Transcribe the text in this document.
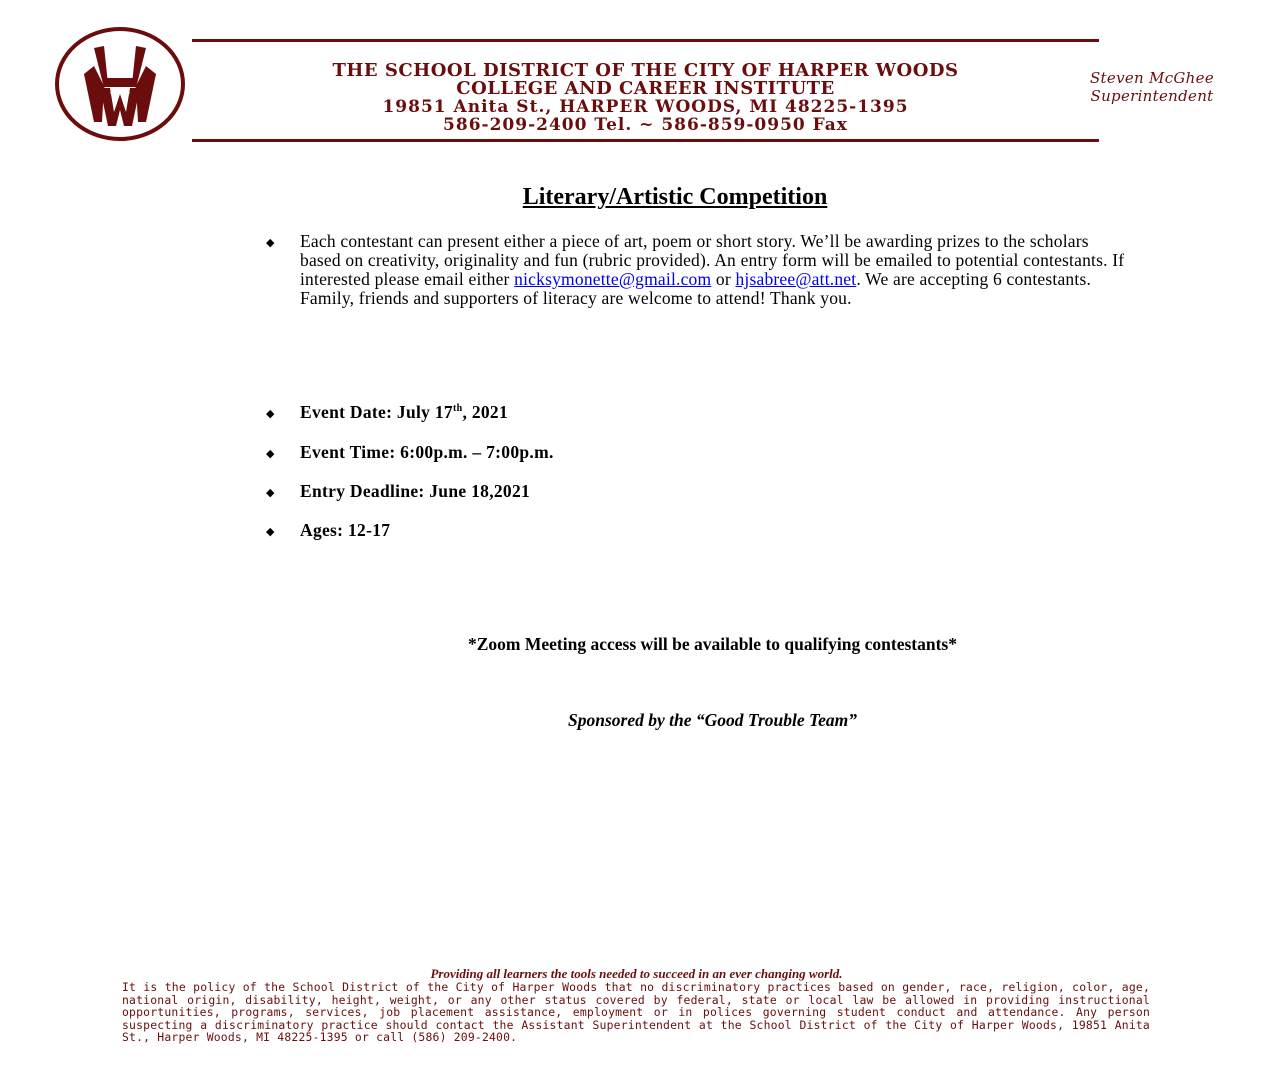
THE SCHOOL DISTRICT OF THE CITY OF HARPER WOODS
COLLEGE AND CAREER INSTITUTE
19851 Anita St., HARPER WOODS, MI 48225-1395
586-209-2400 Tel. ~ 586-859-0950 Fax
Steven McGhee
Superintendent
Literary/Artistic Competition
◆ Each contestant can present either a piece of art, poem or short story. We’ll be awarding prizes to the scholars based on creativity, originality and fun (rubric provided). An entry form will be emailed to potential contestants. If interested please email either nicksymonette@gmail.com or hjsabree@att.net. We are accepting 6 contestants. Family, friends and supporters of literacy are welcome to attend! Thank you.
◆ Event Date: July 17th, 2021
◆ Event Time: 6:00p.m. – 7:00p.m.
◆ Entry Deadline: June 18,2021
◆ Ages: 12-17
*Zoom Meeting access will be available to qualifying contestants*
Sponsored by the “Good Trouble Team”
Providing all learners the tools needed to succeed in an ever changing world.
It is the policy of the School District of the City of Harper Woods that no discriminatory practices based on gender, race, religion, color, age, national origin, disability, height, weight, or any other status covered by federal, state or local law be allowed in providing instructional opportunities, programs, services, job placement assistance, employment or in polices governing student conduct and attendance. Any person suspecting a discriminatory practice should contact the Assistant Superintendent at the School District of the City of Harper Woods, 19851 Anita St., Harper Woods, MI 48225-1395 or call (586) 209-2400.
